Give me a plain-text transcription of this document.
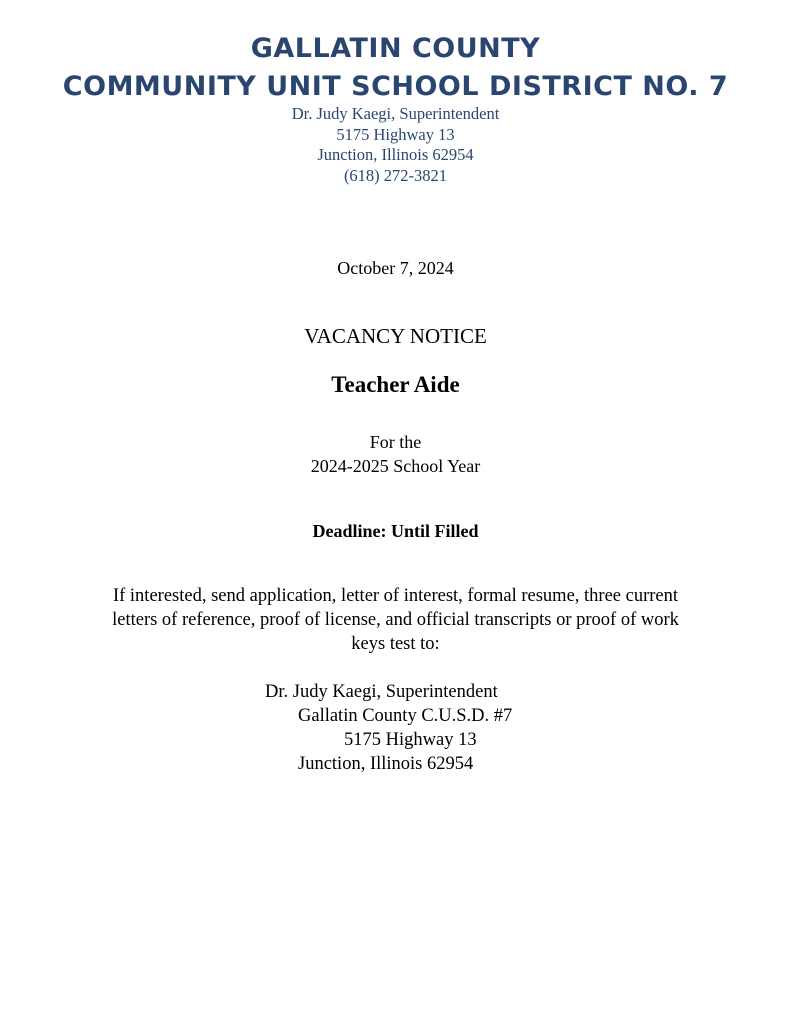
GALLATIN COUNTY
COMMUNITY UNIT SCHOOL DISTRICT NO. 7
Dr. Judy Kaegi, Superintendent
5175 Highway 13
Junction, Illinois 62954
(618) 272-3821
October 7, 2024
VACANCY NOTICE
Teacher Aide
For the
2024-2025 School Year
Deadline: Until Filled
If interested, send application, letter of interest, formal resume, three current letters of reference, proof of license, and official transcripts or proof of work keys test to:
Dr. Judy Kaegi, Superintendent
Gallatin County C.U.S.D. #7
5175 Highway 13
Junction, Illinois 62954
